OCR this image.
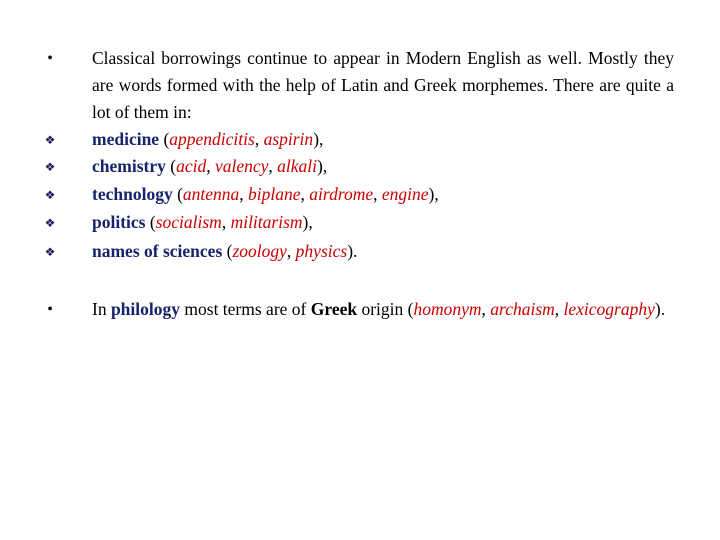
•	Classical borrowings continue to appear in Modern English as well. Mostly they are words formed with the help of Latin and Greek morphemes. There are quite a lot of them in:
❖ medicine (appendicitis, aspirin),
❖ chemistry (acid, valency, alkali),
❖ technology (antenna, biplane, airdrome, engine),
❖ politics (socialism, militarism),
❖ names of sciences (zoology, physics).
•	In philology most terms are of Greek origin (homonym, archaism, lexicography).
